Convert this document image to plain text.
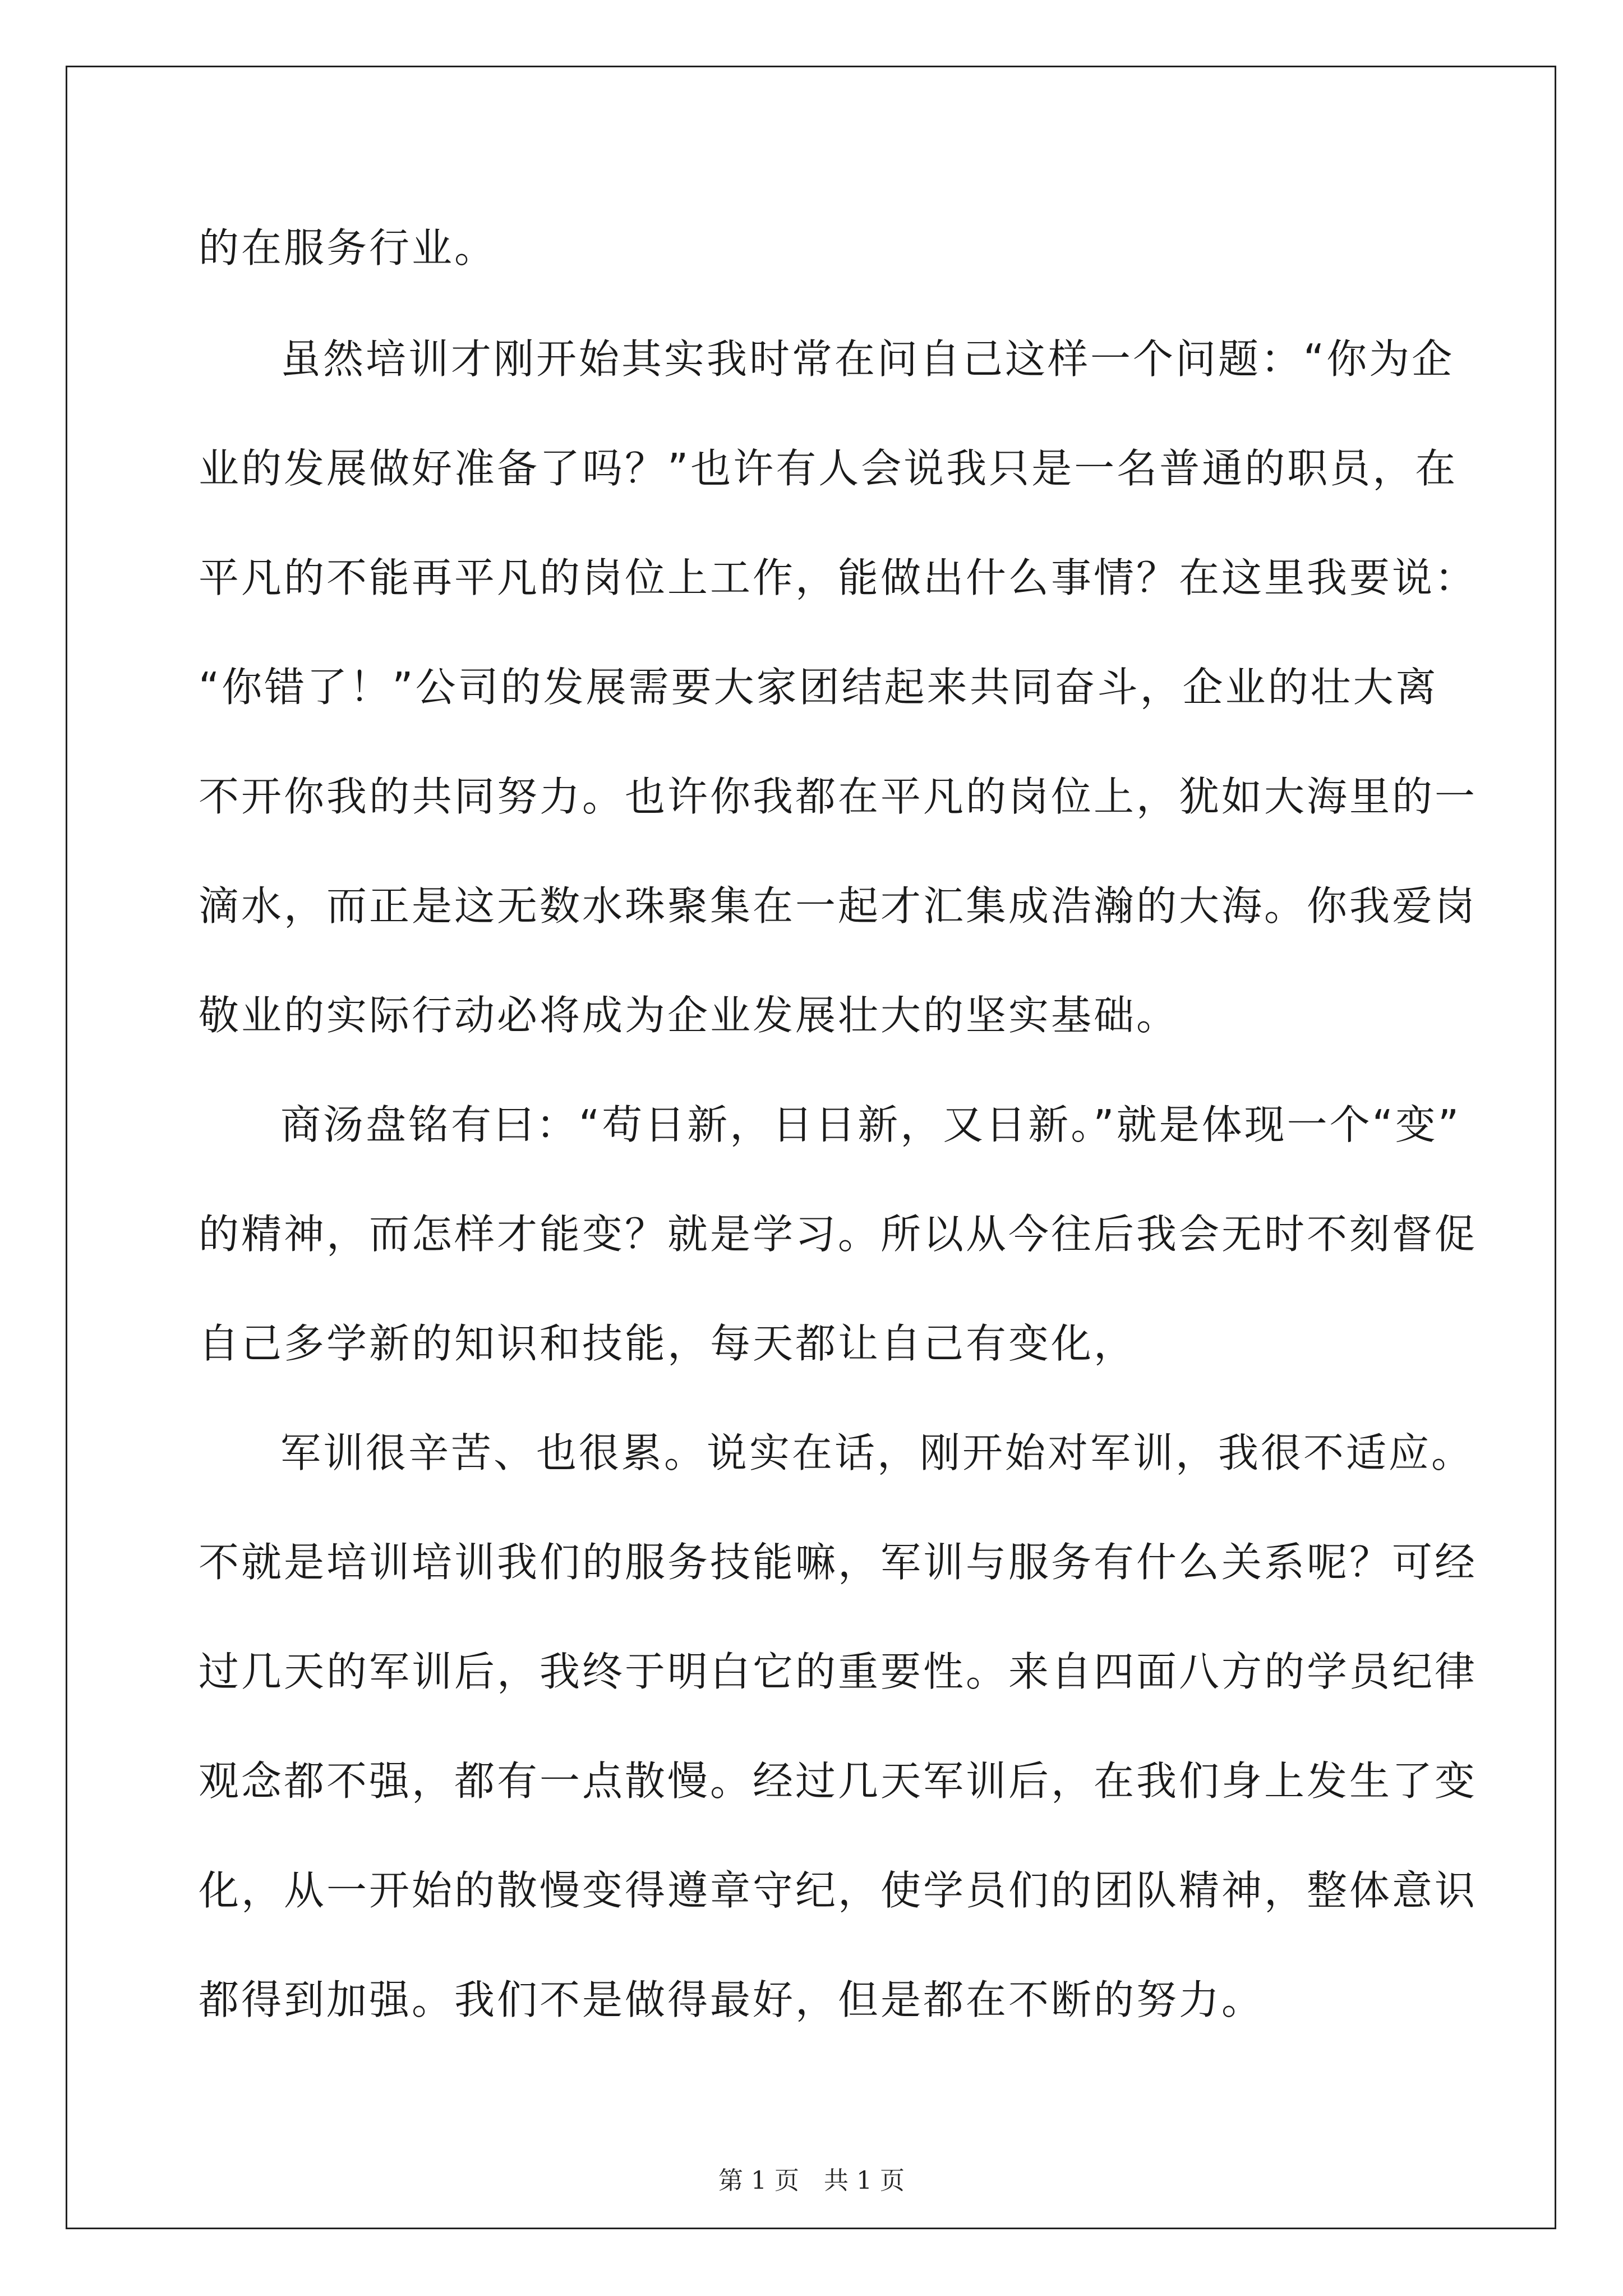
的在服务行业。
虽然培训才刚开始其实我时常在问自己这样一个问题：“你为企
业的发展做好准备了吗？”也许有人会说我只是一名普通的职员，在
平凡的不能再平凡的岗位上工作，能做出什么事情？在这里我要说：
“你错了！”公司的发展需要大家团结起来共同奋斗，企业的壮大离
不开你我的共同努力。也许你我都在平凡的岗位上，犹如大海里的一
滴水，而正是这无数水珠聚集在一起才汇集成浩瀚的大海。你我爱岗
敬业的实际行动必将成为企业发展壮大的坚实基础。
商汤盘铭有曰：“苟日新，日日新，又日新。”就是体现一个“变”
的精神，而怎样才能变？就是学习。所以从今往后我会无时不刻督促
自己多学新的知识和技能，每天都让自己有变化，
军训很辛苦、也很累。说实在话，刚开始对军训，我很不适应。
不就是培训培训我们的服务技能嘛，军训与服务有什么关系呢？可经
过几天的军训后，我终于明白它的重要性。来自四面八方的学员纪律
观念都不强，都有一点散慢。经过几天军训后，在我们身上发生了变
化，从一开始的散慢变得遵章守纪，使学员们的团队精神，整体意识
都得到加强。我们不是做得最好，但是都在不断的努力。
第 1 页　共 1 页
